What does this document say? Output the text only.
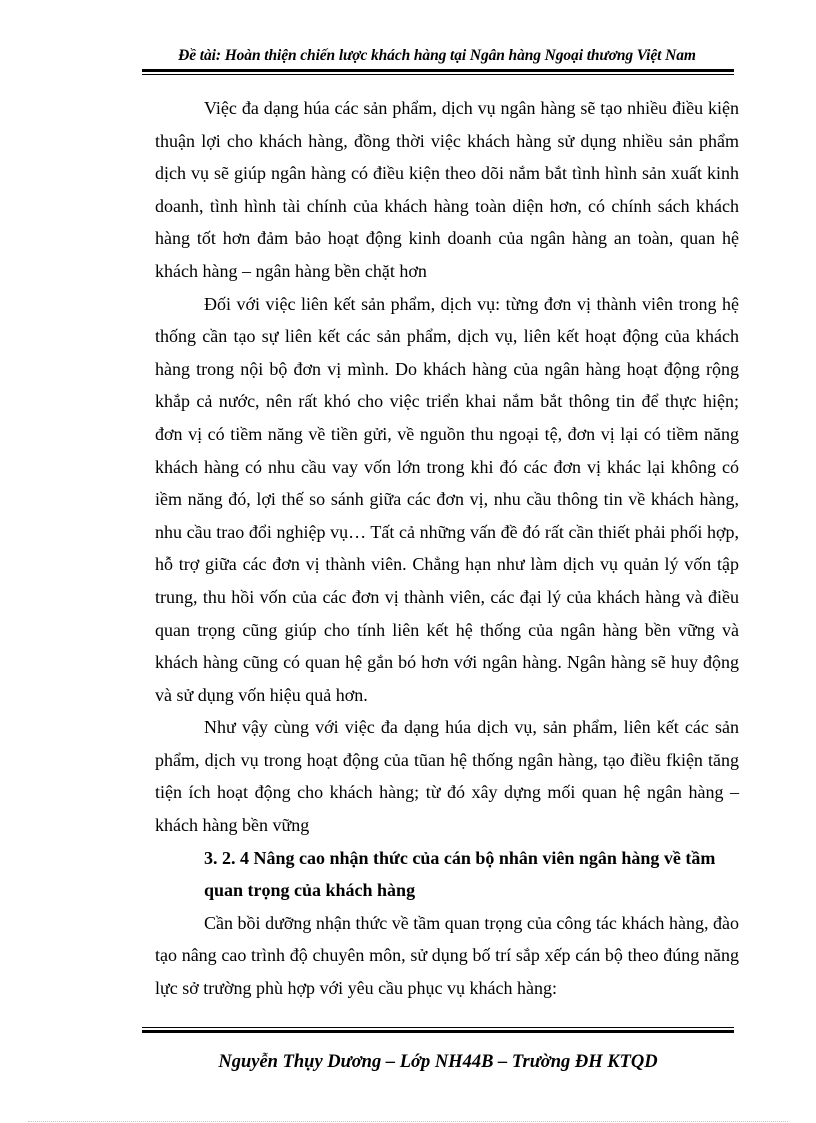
Đề tài: Hoàn thiện chiến lược khách hàng tại Ngân hàng Ngoại thương Việt Nam

Việc đa dạng húa các sản phẩm, dịch vụ ngân hàng sẽ tạo nhiều điều kiện thuận lợi cho khách hàng, đồng thời việc khách hàng sử dụng nhiều sản phẩm dịch vụ sẽ giúp ngân hàng có điều kiện theo dõi nắm bắt tình hình sản xuất kinh doanh, tình hình tài chính của khách hàng toàn diện hơn, có chính sách khách hàng tốt hơn đảm bảo hoạt động kinh doanh của ngân hàng an toàn, quan hệ khách hàng – ngân hàng bền chặt hơn

Đối với việc liên kết sản phẩm, dịch vụ: từng đơn vị thành viên trong hệ thống cần tạo sự liên kết các sản phẩm, dịch vụ, liên kết hoạt động của khách hàng trong nội bộ đơn vị mình. Do khách hàng của ngân hàng hoạt động rộng khắp cả nước, nên rất khó cho việc triển khai nắm bắt thông tin để thực hiện; đơn vị có tiềm năng về tiền gửi, về nguồn thu ngoại tệ, đơn vị lại có tiềm năng khách hàng có nhu cầu vay vốn lớn trong khi đó các đơn vị khác lại không có iềm năng đó, lợi thế so sánh giữa các đơn vị, nhu cầu thông tin về khách hàng, nhu cầu trao đổi nghiệp vụ… Tất cả những vấn đề đó rất cần thiết phải phối hợp, hỗ trợ giữa các đơn vị thành viên. Chẳng hạn như làm dịch vụ quản lý vốn tập trung, thu hồi vốn của các đơn vị thành viên, các đại lý của khách hàng và điều quan trọng cũng giúp cho tính liên kết hệ thống của ngân hàng bền vững và khách hàng cũng có quan hệ gắn bó hơn với ngân hàng. Ngân hàng sẽ huy động và sử dụng vốn hiệu quả hơn.

Như vậy cùng với việc đa dạng húa dịch vụ, sản phẩm, liên kết các sản phẩm, dịch vụ trong hoạt động của tũan hệ thống ngân hàng, tạo điều fkiện tăng tiện ích hoạt động cho khách hàng; từ đó xây dựng mối quan hệ ngân hàng – khách hàng bền vững

3. 2. 4 Nâng cao nhận thức của cán bộ nhân viên ngân hàng về tầm quan trọng của khách hàng

Cần bồi dưỡng nhận thức về tầm quan trọng của công tác khách hàng, đào tạo nâng cao trình độ chuyên môn, sử dụng bố trí sắp xếp cán bộ theo đúng năng lực sở trường phù hợp với yêu cầu phục vụ khách hàng:

Nguyễn Thụy Dương – Lớp NH44B – Trường ĐH KTQD
